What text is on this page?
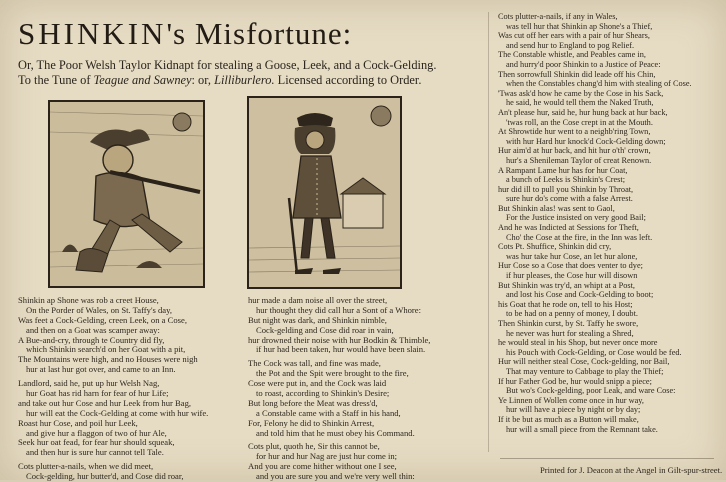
SHINKIN's Misfortune:
Or, The Poor Welsh Taylor Kidnapt for stealing a Goose, Leek, and a Cock-Gelding.
To the Tune of Teague and Sawney: or, Lilliburlero. Licensed according to Order.
Shinkin ap Shone was rob a creet Housе,
On the Porder of Wales, on St. Taffy's day,
Was feet a Cock-Gelding, creen Leek, on a Cоse,
and then on a Goat was scamper away:
A Bue-and-cry, through te Country did fly,
which Shinkin search'd on her Goat with a pit,
The Mountains were high, and no Houses were nigh
hur at last hur got over, and came to an Inn.
Landlord, said he, put up hur Welsh Nag,
hur Goat has rid harn for fear of hur Life;
and take out hur Cose and hur Leek from hur Bag,
hur will eat the Cock-Gelding at come with hur wife.
Roast hur Cose, and poil hur Leek,
and give hur a flaggon of two of hur Ale,
Seek hur oat fead, for fear hur should squeak,
and then hur is sure hur cannot tell Tale.
Cots plutter-a-nails, when we did meet,
Cock-gelding, hur butter'd, and Cose did roar,
hur made a dam noise all over the street,
hur thought they did call hur a Sont of a Whore:
But night was dark, and Shinkin nimble,
Cock-gelding and Cose did roar in vain,
hur drowned their noise with hur Bodkin & Thimble,
if hur had been taken, hur would have been slain.
The Cock was tall, and fine was made,
the Pot and the Spit were brought to the fire,
Cose were put in, and the Cock was laid
to roast, according to Shinkin's Desire;
But long before the Meat was dress'd,
a Constable came with a Staff in his hand,
For, Felony he did to Shinkin Arrest,
and told him that he must obey his Command.
Cots plut, quoth he, Sir this cannot be,
for hur and hur Nag are just hur come in;
And you are come hither without one I see,
and you are sure you and we're very well thin:
Cots plutter-a-nails, if any in Wales,
was tell hur that Shinkin ap Shone's a Thief,
Was cut off her ears with a pair of hur Shears,
and send hur to England to pog Relief.
The Constable whistle, and Peables came in,
and hurry'd poor Shinkin to a Justice of Peace:
Then sorrowfull Shinkin did leade off his Chin,
when the Constables chang'd him with stealing of Cose.
'Twas ask'd how he came by the Cose in his Sack,
he said, he would tell them the Naked Truth,
An't please hur, said he, hur hung back at hur back,
'twas roll, an the Cose crept in at the Mouth.
At Shrowtide hur went to a neighb'ring Town,
with hur Hard hur knock'd Cock-Gelding down;
Hur aim'd at hur back, and hit hur o'th' crown,
hur's a Shenileman Taylor of creat Renown.
A Rampant Lame hur has for hur Coat,
a bunch of Leeks is Shinkin's Crest;
hur did ill to pull you Shinkin by Throat,
sure hur do's come with a false Arrest.
But Shinkin alas! was sent to Gaol,
For the Justice insisted on very good Bail;
And he was Indicted at Sessions for Theft,
Cho' the Cose at the fire, in the Inn was left.
Cots Pt. Shuffice, Shinkin did cry,
was hur take hur Cose, an let hur alone,
Hur Cose so a Cose that does venter to dye;
if hur pleases, the Cose hur will disown
But Shinkin was try'd, an whipt at a Post,
and lost his Cose and Cock-Gelding to boot;
his Goat that he rode on, tell to his Host;
to be had on a penny of money, I doubt.
Then Shinkin curst, by St. Taffy he swore,
he never was hurt for stealing a Shred,
he would steal in his Shop, but never once more
his Pouch with Cock-Gelding, or Cose would be fed.
Hur will neither steal Cose, Cock-gelding, nor Bail,
That may venture to Cabbage to play the Thief;
If hur Father God be, hur would snipp a piece;
But wo's Cock-gelding, poor Leak, and ware Cose:
Ye Linnen of Wollen come once in hur way,
hur will have a piece by night or by day;
If it be but as much as a Button will make,
hur will a small piece from the Remnant take.
Printed for J. Deacon at the Angel in Gilt-spur-street.
